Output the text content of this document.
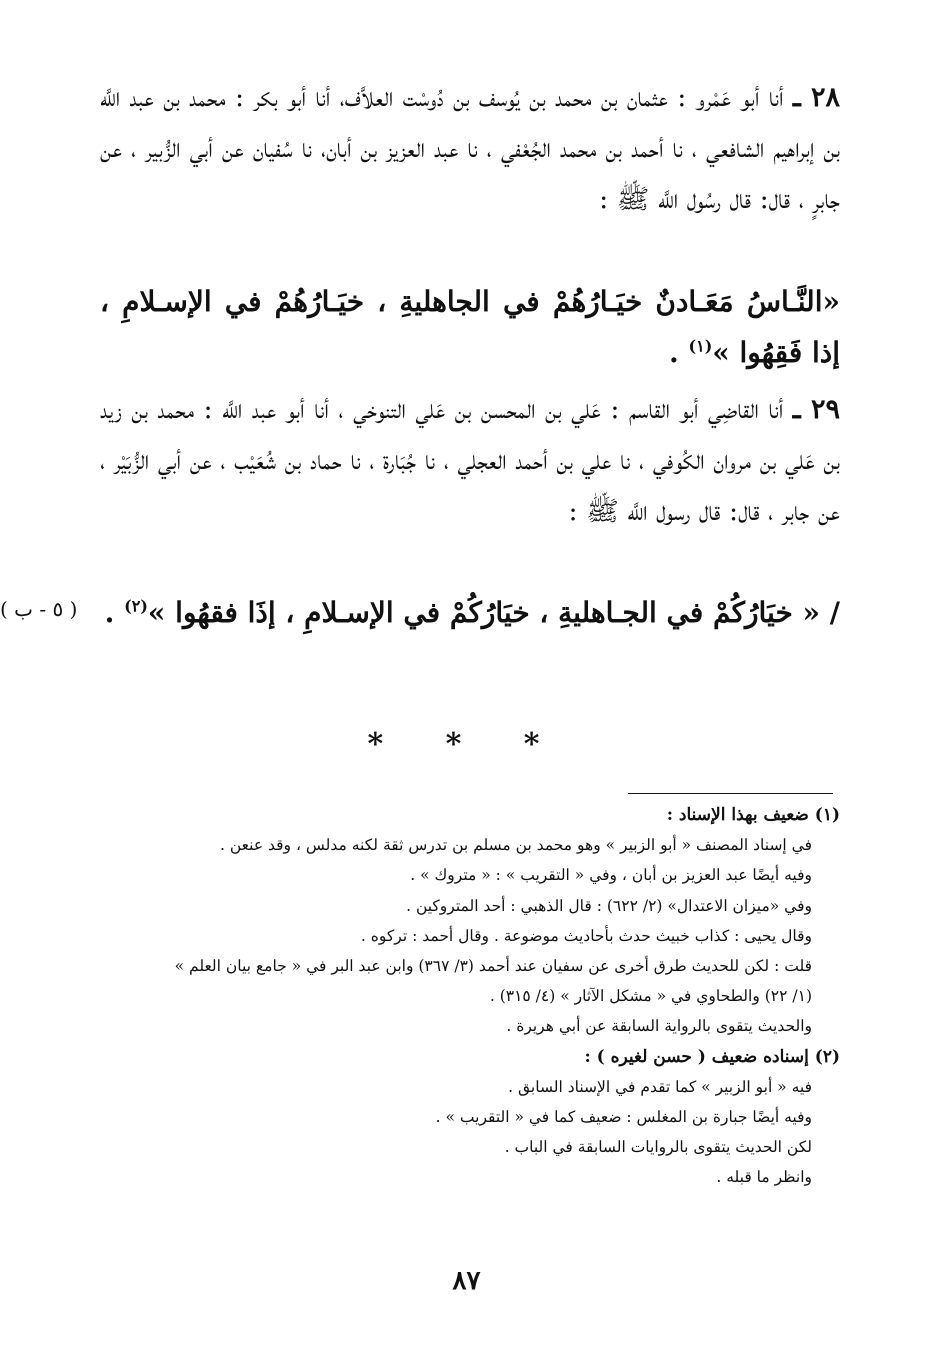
٢٨ ـ أنا أبو عَمْرو : عثمان بن محمد بن يُوسف بن دُوسْت العلاَّف، أنا أبو بكر : محمد بن عبد اللَّه بن إبراهيم الشافعي ، نا أحمد بن محمد الجُعْفي ، نا عبد العزيز بن أبان، نا سُفيان عن أبي الزُّبير ، عن جابرٍ ، قال: قال رسُول اللَّه ﷺ :

«النَّـاسُ مَعَـادنٌ خيَـارُهُمْ في الجاهليةِ ، خيَـارُهُمْ في الإسـلامِ ، إذا فَقِهُوا »$^{(١)}$ .

٢٩ ـ أنا القاضِي أبو القاسم : عَلي بن المحسن بن عَلي التنوخي ، أنا أبو عبد اللَّه : محمد بن زيد بن عَلي بن مروان الكُوفي ، نا علي بن أحمد العجلي ، نا جُبَارة ، نا حماد بن شُعَيْب ، عن أبي الزُّبَيْر ، عن جابر ، قال: قال رسول اللَّه ﷺ :

/ « خيَارُكُمْ في الجـاهليةِ ، خيَارُكُمْ في الإسـلامِ ، إذَا فقهُوا »$^{(٢)}$ .

( ٥ - ب )
* * *
(١) ضعيف بهذا الإسناد :
في إسناد المصنف « أبو الزبير » وهو محمد بن مسلم بن تدرس ثقة لكنه مدلس ، وقد عنعن .
وفيه أيضًا عبد العزيز بن أبان ، وفي « التقريب » : « متروك » .
وفي «ميزان الاعتدال» (٢/ ٦٢٢) : قال الذهبي : أحد المتروكين .
وقال يحيى : كذاب خبيث حدث بأحاديث موضوعة . وقال أحمد : تركوه .
قلت : لكن للحديث طرق أخرى عن سفيان عند أحمد (٣/ ٣٦٧) وابن عبد البر في « جامع بيان العلم »
(١/ ٢٢) والطحاوي في « مشكل الآثار » (٤/ ٣١٥) .
والحديث يتقوى بالرواية السابقة عن أبي هريرة .
(٢) إسناده ضعيف ( حسن لغيره ) :
فيه « أبو الزبير » كما تقدم في الإسناد السابق .
وفيه أيضًا جبارة بن المغلس : ضعيف كما في « التقريب » .
لكن الحديث يتقوى بالروايات السابقة في الباب .
وانظر ما قبله .
٨٧
